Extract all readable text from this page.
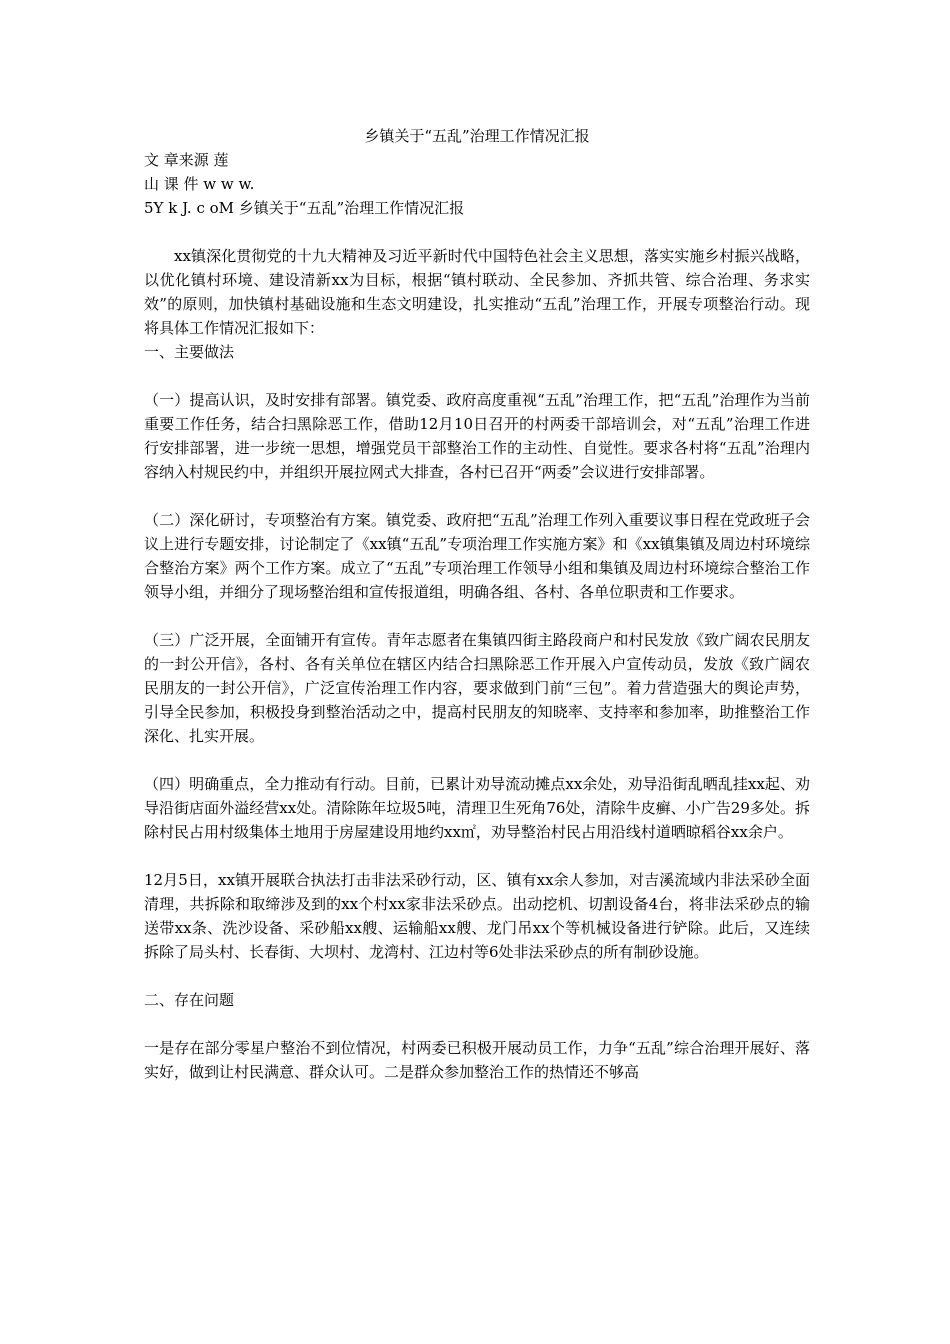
乡镇关于“五乱”治理工作情况汇报
文 章来源 莲
山 课 件 w w w.
5Y k J. c oM 乡镇关于“五乱”治理工作情况汇报

xx镇深化贯彻党的十九大精神及习近平新时代中国特色社会主义思想，落实实施乡村振兴战略，以优化镇村环境、建设清新xx为目标，根据“镇村联动、全民参加、齐抓共管、综合治理、务求实效”的原则，加快镇村基础设施和生态文明建设，扎实推动“五乱”治理工作，开展专项整治行动。现将具体工作情况汇报如下：

一、主要做法

（一）提高认识，及时安排有部署。镇党委、政府高度重视“五乱”治理工作，把“五乱”治理作为当前重要工作任务，结合扫黑除恶工作，借助12月10日召开的村两委干部培训会，对“五乱”治理工作进行安排部署，进一步统一思想，增强党员干部整治工作的主动性、自觉性。要求各村将“五乱”治理内容纳入村规民约中，并组织开展拉网式大排查，各村已召开“两委”会议进行安排部署。

（二）深化研讨，专项整治有方案。镇党委、政府把“五乱”治理工作列入重要议事日程在党政班子会议上进行专题安排，讨论制定了《xx镇“五乱”专项治理工作实施方案》和《xx镇集镇及周边村环境综合整治方案》两个工作方案。成立了“五乱”专项治理工作领导小组和集镇及周边村环境综合整治工作领导小组，并细分了现场整治组和宣传报道组，明确各组、各村、各单位职责和工作要求。

（三）广泛开展，全面铺开有宣传。青年志愿者在集镇四街主路段商户和村民发放《致广阔农民朋友的一封公开信》，各村、各有关单位在辖区内结合扫黑除恶工作开展入户宣传动员，发放《致广阔农民朋友的一封公开信》，广泛宣传治理工作内容，要求做到门前“三包”。着力营造强大的舆论声势，引导全民参加，积极投身到整治活动之中，提高村民朋友的知晓率、支持率和参加率，助推整治工作深化、扎实开展。

（四）明确重点，全力推动有行动。目前，已累计劝导流动摊点xx余处，劝导沿街乱晒乱挂xx起、劝导沿街店面外溢经营xx处。清除陈年垃圾5吨，清理卫生死角76处，清除牛皮癣、小广告29多处。拆除村民占用村级集体土地用于房屋建设用地约xx㎡，劝导整治村民占用沿线村道晒晾稻谷xx余户。

12月5日，xx镇开展联合执法打击非法采砂行动，区、镇有xx余人参加，对吉溪流域内非法采砂全面清理，共拆除和取缔涉及到的xx个村xx家非法采砂点。出动挖机、切割设备4台，将非法采砂点的输送带xx条、洗沙设备、采砂船xx艘、运输船xx艘、龙门吊xx个等机械设备进行铲除。此后，又连续拆除了局头村、长春街、大坝村、龙湾村、江边村等6处非法采砂点的所有制砂设施。

二、存在问题

一是存在部分零星户整治不到位情况，村两委已积极开展动员工作，力争“五乱”综合治理开展好、落实好，做到让村民满意、群众认可。二是群众参加整治工作的热情还不够高
